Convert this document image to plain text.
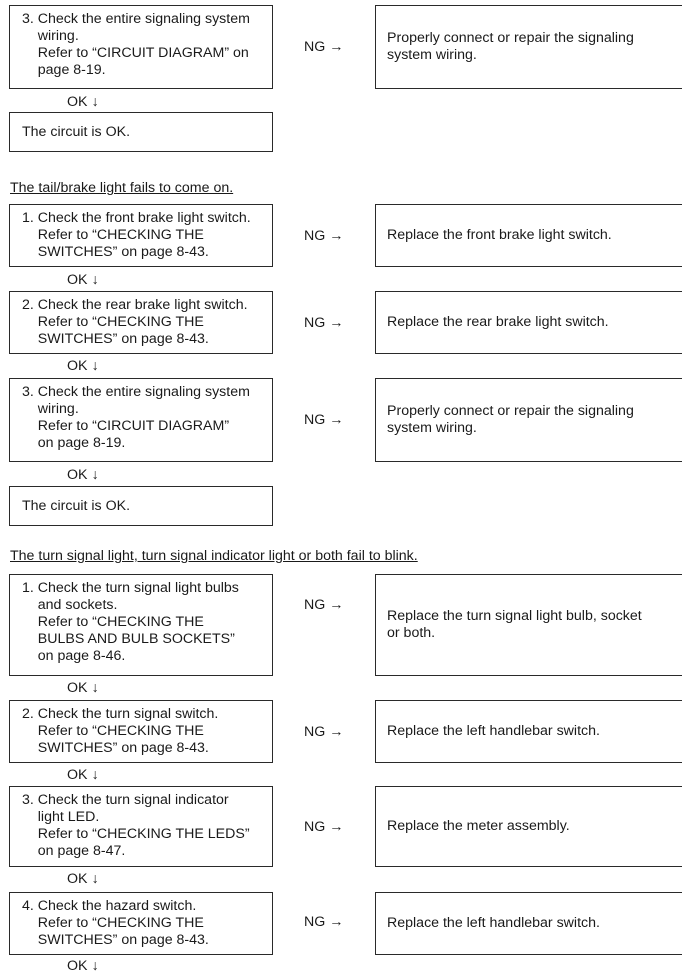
3. Check the entire signaling system
wiring.
Refer to “CIRCUIT DIAGRAM” on
page 8-19.
NG →
Properly connect or repair the signaling
system wiring.
OK ↓
The circuit is OK.
The tail/brake light fails to come on.
1. Check the front brake light switch.
Refer to “CHECKING THE
SWITCHES” on page 8-43.
NG →	Replace the front brake light switch.
OK ↓
2. Check the rear brake light switch.
Refer to “CHECKING THE
SWITCHES” on page 8-43.
NG →	Replace the rear brake light switch.
OK ↓
3. Check the entire signaling system
wiring.
Refer to “CIRCUIT DIAGRAM”
on page 8-19.
NG →
Properly connect or repair the signaling
system wiring.
OK ↓
The circuit is OK.
The turn signal light, turn signal indicator light or both fail to blink.
1. Check the turn signal light bulbs
and sockets.
Refer to “CHECKING THE
BULBS AND BULB SOCKETS”
on page 8-46.
NG →
Replace the turn signal light bulb, socket
or both.
OK ↓
2. Check the turn signal switch.
Refer to “CHECKING THE
SWITCHES” on page 8-43.
NG →	Replace the left handlebar switch.
OK ↓
3. Check the turn signal indicator
light LED.
Refer to “CHECKING THE LEDS”
on page 8-47.
NG →	Replace the meter assembly.
OK ↓
4. Check the hazard switch.
Refer to “CHECKING THE
SWITCHES” on page 8-43.
NG →	Replace the left handlebar switch.
OK ↓
